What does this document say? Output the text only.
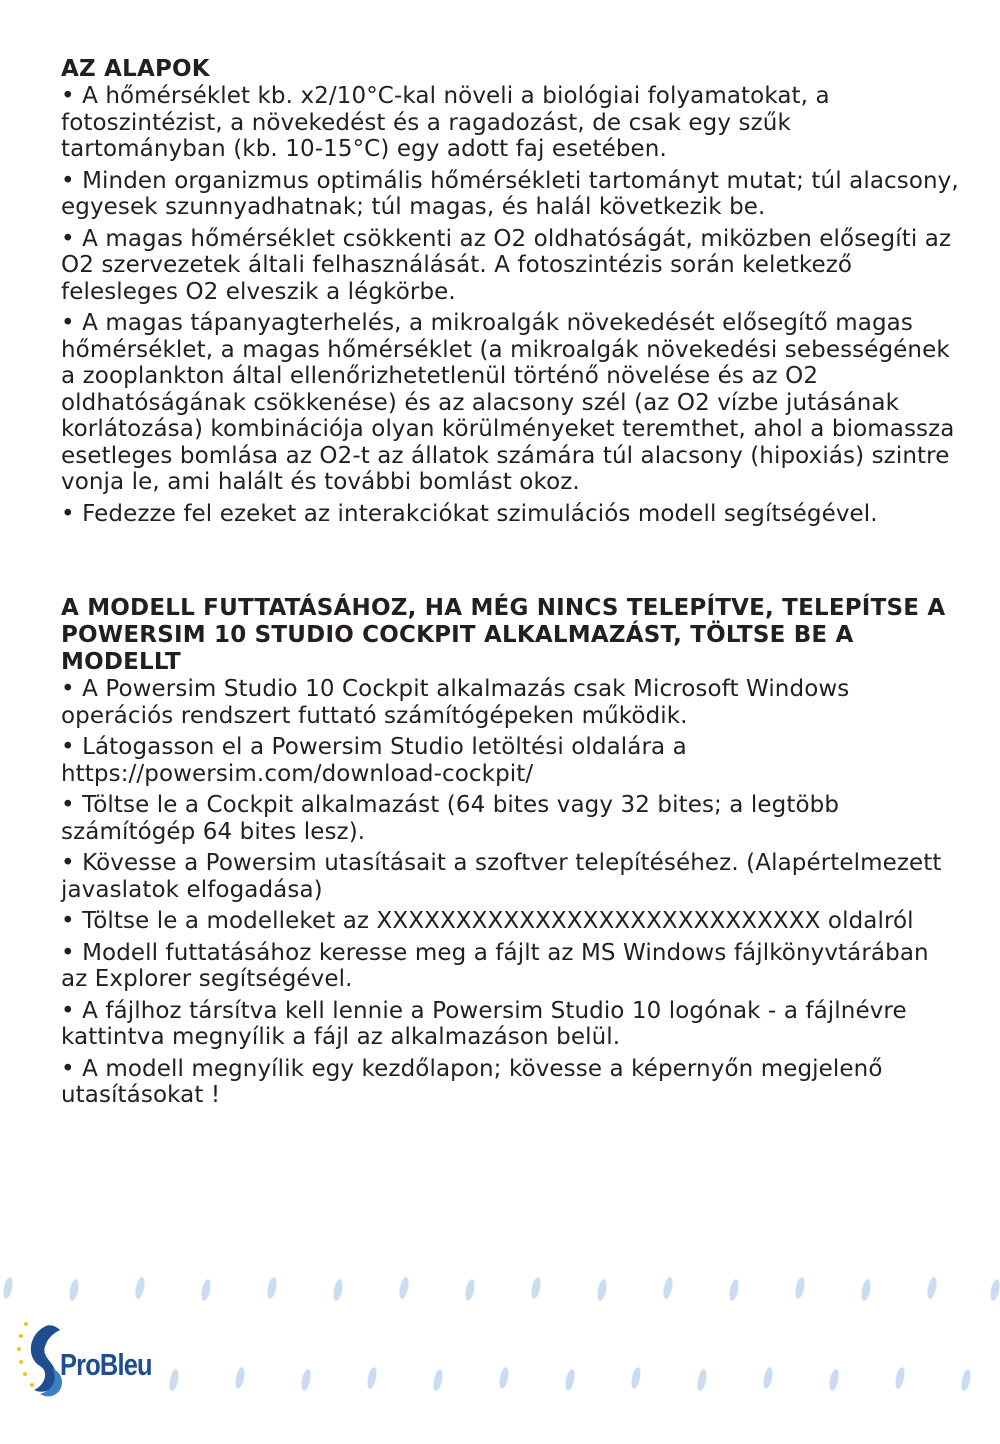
AZ ALAPOK

• A hőmérséklet kb. x2/10°C-kal növeli a biológiai folyamatokat, a fotoszintézist, a növekedést és a ragadozást, de csak egy szűk tartományban (kb. 10-15°C) egy adott faj esetében.

• Minden organizmus optimális hőmérsékleti tartományt mutat; túl alacsony, egyesek szunnyadhatnak; túl magas, és halál következik be.

• A magas hőmérséklet csökkenti az O2 oldhatóságát, miközben elősegíti az O2 szervezetek általi felhasználását. A fotoszintézis során keletkező felesleges O2 elveszik a légkörbe.

• A magas tápanyagterhelés, a mikroalgák növekedését elősegítő magas hőmérséklet, a magas hőmérséklet (a mikroalgák növekedési sebességének a zooplankton által ellenőrizhetetlenül történő növelése és az O2 oldhatóságának csökkenése) és az alacsony szél (az O2 vízbe jutásának korlátozása) kombinációja olyan körülményeket teremthet, ahol a biomassza esetleges bomlása az O2-t az állatok számára túl alacsony (hipoxiás) szintre vonja le, ami halált és további bomlást okoz.

• Fedezze fel ezeket az interakciókat szimulációs modell segítségével.

A MODELL FUTTATÁSÁHOZ, HA MÉG NINCS TELEPÍTVE, TELEPÍTSE A POWERSIM 10 STUDIO COCKPIT ALKALMAZÁST, TÖLTSE BE A MODELLT

• A Powersim Studio 10 Cockpit alkalmazás csak Microsoft Windows operációs rendszert futtató számítógépeken működik.

• Látogasson el a Powersim Studio letöltési oldalára a https://powersim.com/download-cockpit/

• Töltse le a Cockpit alkalmazást (64 bites vagy 32 bites; a legtöbb számítógép 64 bites lesz).

• Kövesse a Powersim utasításait a szoftver telepítéséhez. (Alapértelmezett javaslatok elfogadása)

• Töltse le a modelleket az XXXXXXXXXXXXXXXXXXXXXXXXXXXX oldalról

• Modell futtatásához keresse meg a fájlt az MS Windows fájlkönyvtárában az Explorer segítségével.

• A fájlhoz társítva kell lennie a Powersim Studio 10 logónak - a fájlnévre kattintva megnyílik a fájl az alkalmazáson belül.

• A modell megnyílik egy kezdőlapon; kövesse a képernyőn megjelenő utasításokat !

ProBleu
